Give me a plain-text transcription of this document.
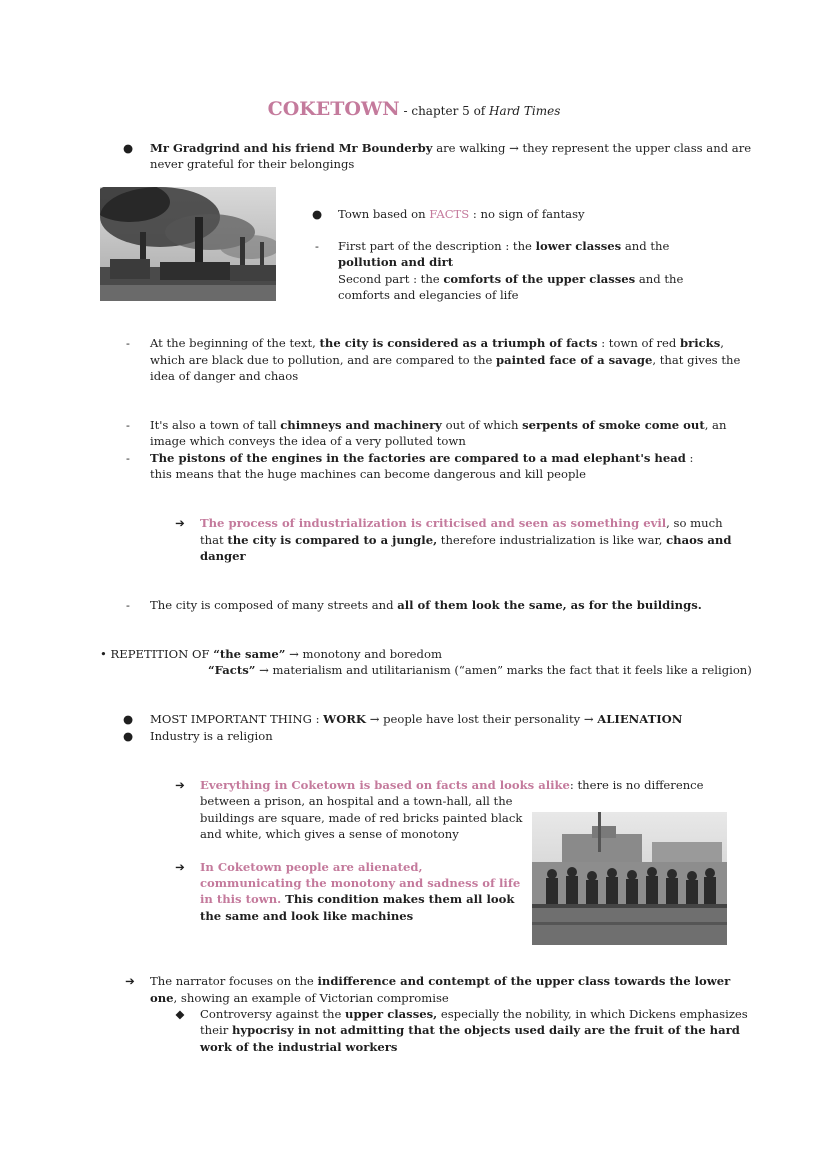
COKETOWN - chapter 5 of Hard Times
●	Mr Gradgrind and his friend Mr Bounderby are walking → they represent the upper class and are
never grateful for their belongings
●	Town based on FACTS : no sign of fantasy
-	First part of the description : the lower classes and the
pollution and dirt
Second part : the comforts of the upper classes and the
comforts and elegancies of life
-	At the beginning of the text, the city is considered as a triumph of facts : town of red bricks,
which are black due to pollution, and are compared to the painted face of a savage, that gives the
idea of danger and chaos
-	It's also a town of tall chimneys and machinery out of which serpents of smoke come out, an
image which conveys the idea of a very polluted town
-	The pistons of the engines in the factories are compared to a mad elephant's head :
this means that the huge machines can become dangerous and kill people
➔	The process of industrialization is criticised and seen as something evil, so much
that the city is compared to a jungle, therefore industrialization is like war, chaos and
danger
-	The city is composed of many streets and all of them look the same, as for the buildings.
• REPETITION OF “the same” → monotony and boredom
“Facts” → materialism and utilitarianism (“amen” marks the fact that it feels like a religion)
●	MOST IMPORTANT THING : WORK → people have lost their personality → ALIENATION
●	Industry is a religion
➔	Everything in Coketown is based on facts and looks alike: there is no difference
between a prison, an hospital and a town-hall, all the
buildings are square, made of red bricks painted black
and white, which gives a sense of monotony
➔	In Coketown people are alienated,
communicating the monotony and sadness of life
in this town. This condition makes them all look
the same and look like machines
➔	The narrator focuses on the indifference and contempt of the upper class towards the lower
one, showing an example of Victorian compromise
◆	Controversy against the upper classes, especially the nobility, in which Dickens emphasizes
their hypocrisy in not admitting that the objects used daily are the fruit of the hard
work of the industrial workers
